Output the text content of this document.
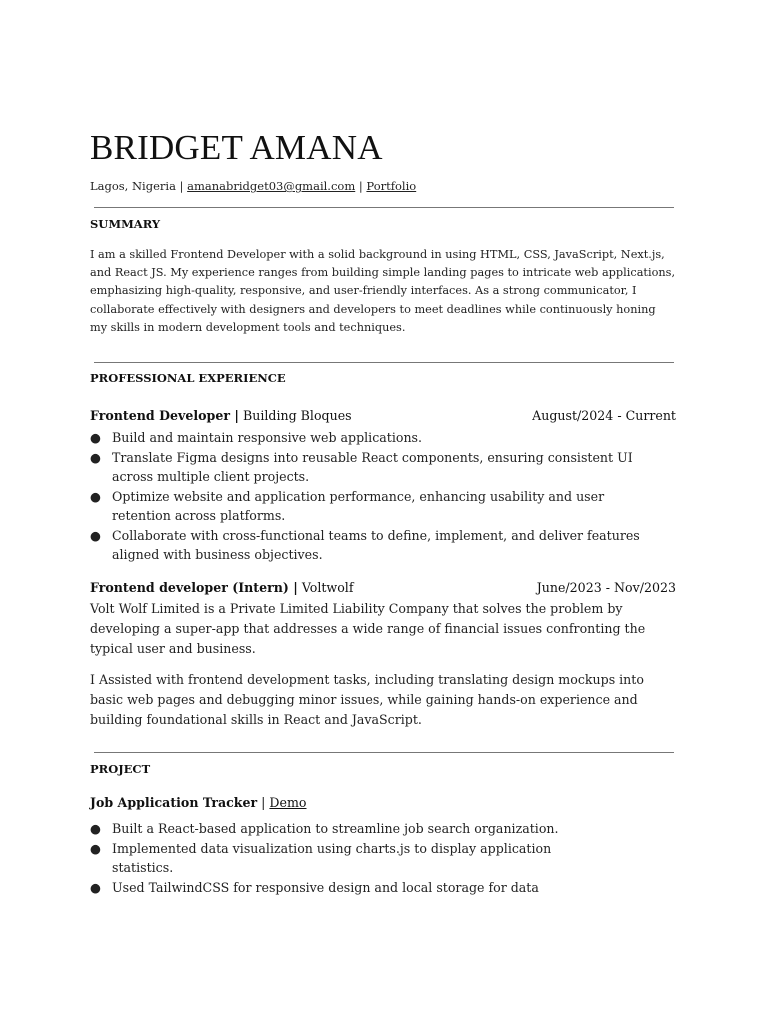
BRIDGET AMANA
Lagos, Nigeria | amanabridget03@gmail.com | Portfolio
SUMMARY

I am a skilled Frontend Developer with a solid background in using HTML, CSS, JavaScript, Next.js, and React JS. My experience ranges from building simple landing pages to intricate web applications, emphasizing high-quality, responsive, and user-friendly interfaces. As a strong communicator, I collaborate effectively with designers and developers to meet deadlines while continuously honing my skills in modern development tools and techniques.

PROFESSIONAL EXPERIENCE
Frontend Developer | Building Bloques	August/2024 - Current
● Build and maintain responsive web applications.
● Translate Figma designs into reusable React components, ensuring consistent UI across multiple client projects.
● Optimize website and application performance, enhancing usability and user retention across platforms.
● Collaborate with cross-functional teams to define, implement, and deliver features aligned with business objectives.
Frontend developer (Intern) | Voltwolf	June/2023 - Nov/2023

Volt Wolf Limited is a Private Limited Liability Company that solves the problem by developing a super-app that addresses a wide range of financial issues confronting the typical user and business.

I Assisted with frontend development tasks, including translating design mockups into basic web pages and debugging minor issues, while gaining hands-on experience and building foundational skills in React and JavaScript.

PROJECT
Job Application Tracker | Demo
● Built a React-based application to streamline job search organization.
● Implemented data visualization using charts.js to display application statistics.
● Used TailwindCSS for responsive design and local storage for data
